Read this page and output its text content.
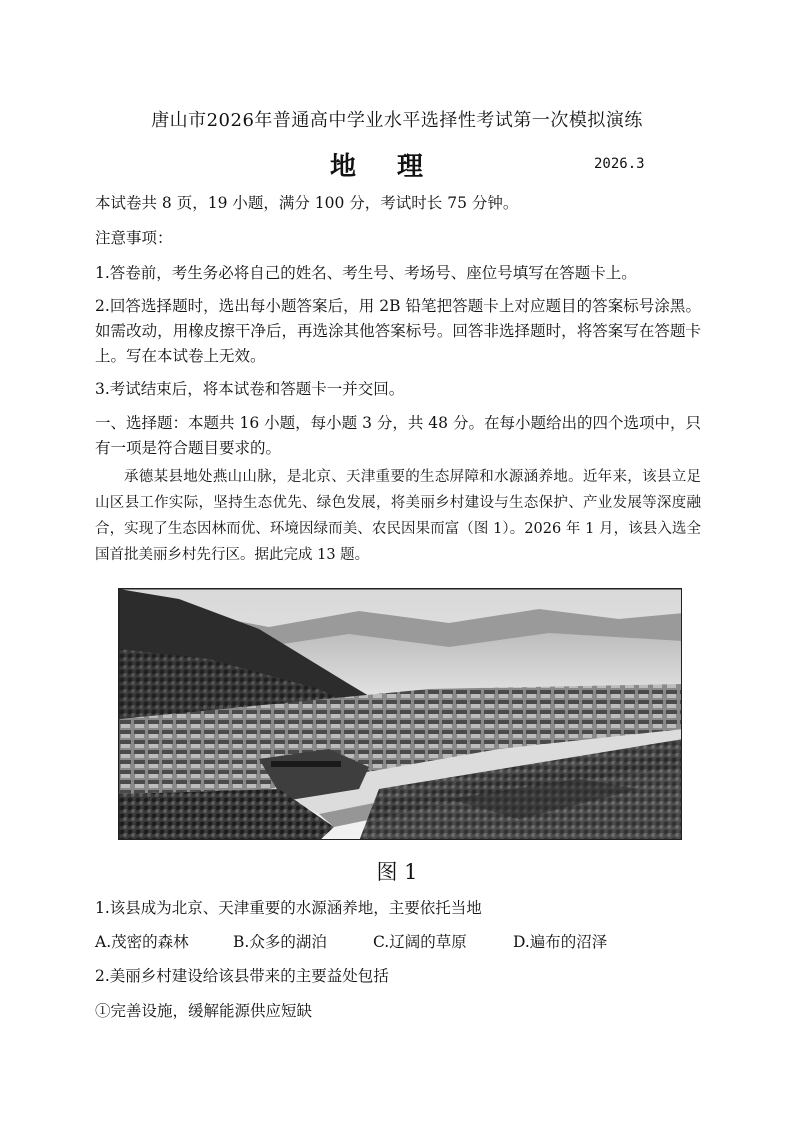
唐山市2026年普通高中学业水平选择性考试第一次模拟演练
地 理	2026.3
本试卷共 8 页，19 小题，满分 100 分，考试时长 75 分钟。
注意事项：
1.答卷前，考生务必将自己的姓名、考生号、考场号、座位号填写在答题卡上。
2.回答选择题时，选出每小题答案后，用 2B 铅笔把答题卡上对应题目的答案标号涂黑。如需改动，用橡皮擦干净后，再选涂其他答案标号。回答非选择题时，将答案写在答题卡上。写在本试卷上无效。
3.考试结束后，将本试卷和答题卡一并交回。
一、选择题：本题共 16 小题，每小题 3 分，共 48 分。在每小题给出的四个选项中，只有一项是符合题目要求的。
承德某县地处燕山山脉，是北京、天津重要的生态屏障和水源涵养地。近年来，该县立足山区县工作实际，坚持生态优先、绿色发展，将美丽乡村建设与生态保护、产业发展等深度融合，实现了生态因林而优、环境因绿而美、农民因果而富（图 1）。2026 年 1 月，该县入选全国首批美丽乡村先行区。据此完成 13 题。
图 1
1.该县成为北京、天津重要的水源涵养地，主要依托当地
A.茂密的森林	B.众多的湖泊	C.辽阔的草原	D.遍布的沼泽
2.美丽乡村建设给该县带来的主要益处包括
①完善设施，缓解能源供应短缺
